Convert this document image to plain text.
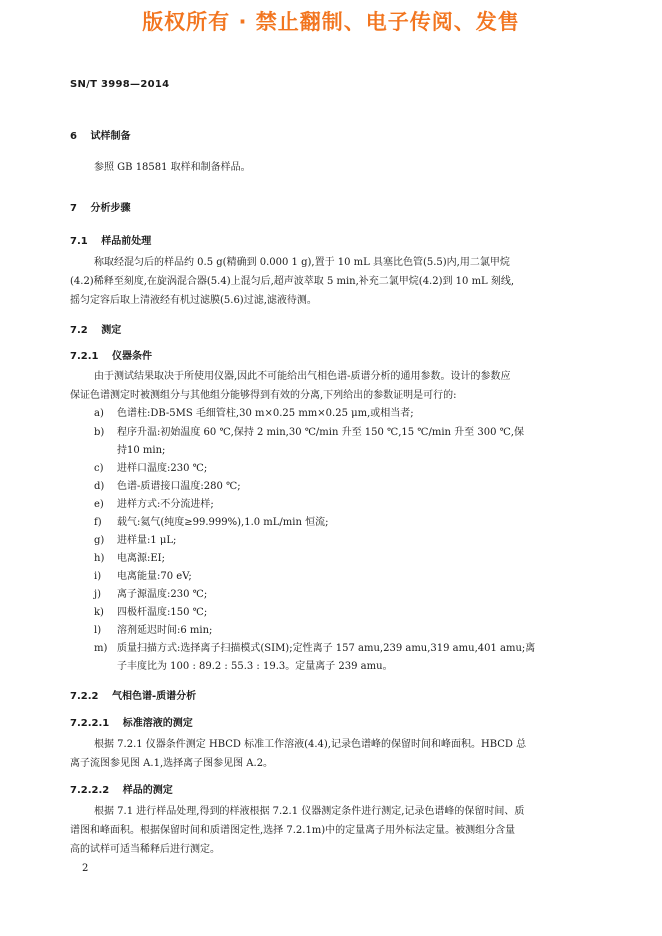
版权所有 · 禁止翻制、电子传阅、发售
SN/T 3998—2014
6 试样制备
参照 GB 18581 取样和制备样品。
7 分析步骤
7.1 样品前处理
称取经混匀后的样品约 0.5 g(精确到 0.000 1 g),置于 10 mL 具塞比色管(5.5)内,用二氯甲烷
(4.2)稀释至刻度,在旋涡混合器(5.4)上混匀后,超声波萃取 5 min,补充二氯甲烷(4.2)到 10 mL 刻线,
摇匀定容后取上清液经有机过滤膜(5.6)过滤,滤液待测。
7.2 测定
7.2.1 仪器条件
由于测试结果取决于所使用仪器,因此不可能给出气相色谱-质谱分析的通用参数。设计的参数应
保证色谱测定时被测组分与其他组分能够得到有效的分离,下列给出的参数证明是可行的:
a) 色谱柱:DB-5MS 毛细管柱,30 m×0.25 mm×0.25 μm,或相当者;
b) 程序升温:初始温度 60 ℃,保持 2 min,30 ℃/min 升至 150 ℃,15 ℃/min 升至 300 ℃,保
持10 min;
c) 进样口温度:230 ℃;
d) 色谱-质谱接口温度:280 ℃;
e) 进样方式:不分流进样;
f) 载气:氦气(纯度≥99.999%),1.0 mL/min 恒流;
g) 进样量:1 μL;
h) 电离源:EI;
i) 电离能量:70 eV;
j) 离子源温度:230 ℃;
k) 四极杆温度:150 ℃;
l) 溶剂延迟时间:6 min;
m) 质量扫描方式:选择离子扫描模式(SIM);定性离子 157 amu,239 amu,319 amu,401 amu;离
子丰度比为 100 : 89.2 : 55.3 : 19.3。定量离子 239 amu。
7.2.2 气相色谱-质谱分析
7.2.2.1 标准溶液的测定
根据 7.2.1 仪器条件测定 HBCD 标准工作溶液(4.4),记录色谱峰的保留时间和峰面积。HBCD 总
离子流图参见图 A.1,选择离子图参见图 A.2。
7.2.2.2 样品的测定
根据 7.1 进行样品处理,得到的样液根据 7.2.1 仪器测定条件进行测定,记录色谱峰的保留时间、质
谱图和峰面积。根据保留时间和质谱图定性,选择 7.2.1m)中的定量离子用外标法定量。被测组分含量
高的试样可适当稀释后进行测定。
2
